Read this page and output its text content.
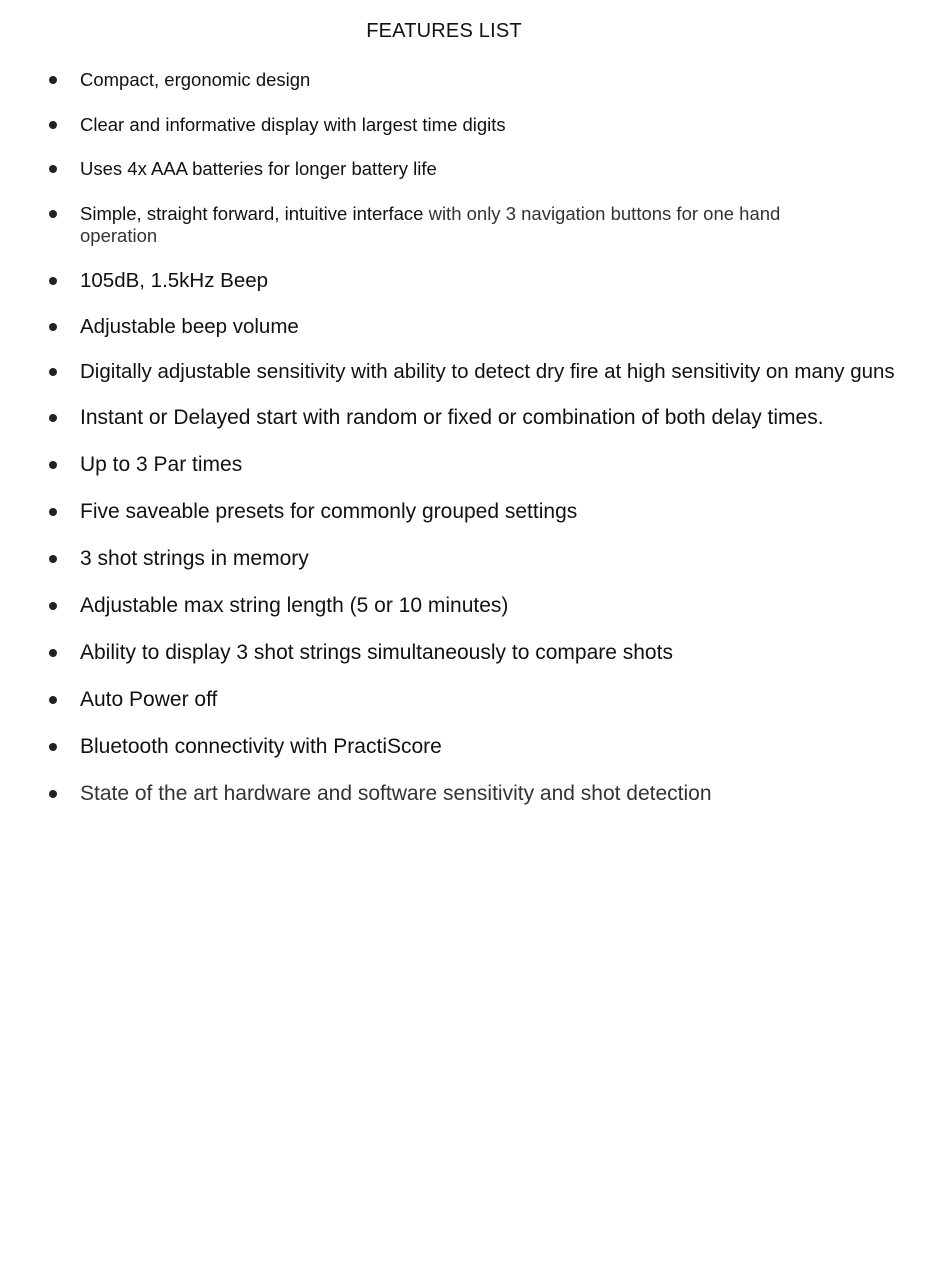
FEATURES LIST
Compact, ergonomic design
Clear and informative display with largest time digits
Uses 4x AAA batteries for longer battery life
Simple, straight forward, intuitive interface with only 3 navigation buttons for one hand operation
105dB, 1.5kHz Beep
Adjustable beep volume
Digitally adjustable sensitivity with ability to detect dry fire at high sensitivity on many guns
Instant or Delayed start with random or fixed or combination of both delay times.
Up to 3 Par times
Five saveable presets for commonly grouped settings
3 shot strings in memory
Adjustable max string length (5 or 10 minutes)
Ability to display 3 shot strings simultaneously to compare shots
Auto Power off
Bluetooth connectivity with PractiScore
State of the art hardware and software sensitivity and shot detection
